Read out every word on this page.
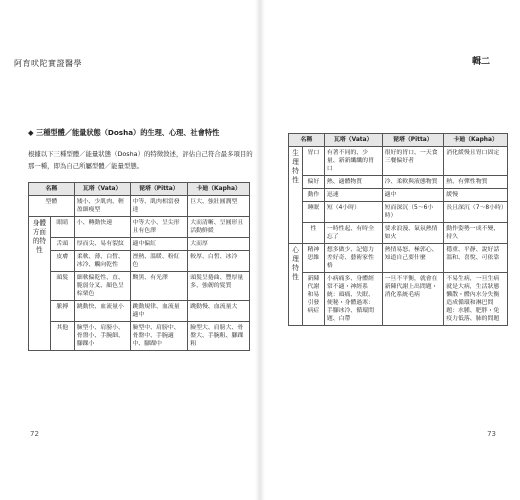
阿育吠陀實證醫學	輯二
◆ 三種型體／能量狀態（Dosha）的生理、心理、社會特性
根據以下三種型體／能量狀態（Dosha）的特徵敘述，評估自己符合最多項目的那一種，即為自己所屬型體／能量型態。
名稱		瓦塔（Vata）	琵塔（Pitta）	卡廸（Kapha）
型體		矮小、少肌肉、輕盈細瘦型	中等、肌肉相當發達	巨大、強壯圓潤型
身體方面的特性	眼睛	小、轉動快速	中等大小、呈尖形且有色澤	大而清晰、呈圓形且活動鮮緩
	舌頭	厚而尖、易有裂紋	適中偏紅	大而厚
	皮膚	柔軟、薄、白皙、冰冷、觸向乾性	溼熱、溫暖、粉紅色	較厚、白皙、冰冷
	頭髮	細軟偏乾性、直、脆弱分叉、顏色呈棕栗色	黝黑、有光澤	頭髮呈捲曲、豐厚量多、強韌的髮質
	脈搏	跳動快、血流量小	跳動規律、血流量適中	跳動慢、血流量大
	其他	臉型小、肩膀小、骨盤小、手腕細、腳踝小	臉型中、肩膀中、骨盤中、手腕適中、腳踝中	臉型大、肩膀大、骨盤大、手腕粗、腳踝粗
名稱		瓦塔（Vata）	琵塔（Pitta）	卡廸（Kapha）
生理特性	胃口	有著不同的、少量、新新纖纖的胃口	很好的胃口、一天食三餐偏好者	消化緩慢且胃口固定
	偏好	熱、適體物質	冷、柔軟與液態物質	熱、有彈性物質
	動作	迅速	適中	緩慢
	睡眠	短（4小時）	短而深沉（5～6小時）	長且深沉（7～8小時）
	性	一時性起、有時全忘了	要求浪漫、氣氛熱情如火	動作姿勢一成不變、持久
心理特性	精神思維	想多做少、記憶力差好奇、藝術家性格	熱情易怒、極郭心、知道自己要什麼	穩重、平靜、說好話溫和、喜悅、可依靠
	新陳代謝和易引發病症	小病痛多、身體經常不適・神經系統：頭痛、失眠、便秘・身體過寒：手腳冰冷、循環問題、白帶	一旦不平衡，就會在新陳代謝上出問題・消化系統毛病	不易生病，一旦生病就是大病，生活狀態懶散・體內水分失衡造成循環和淋巴問題：水腫、肥胖・免疫力低落、肺的問題
72	73
